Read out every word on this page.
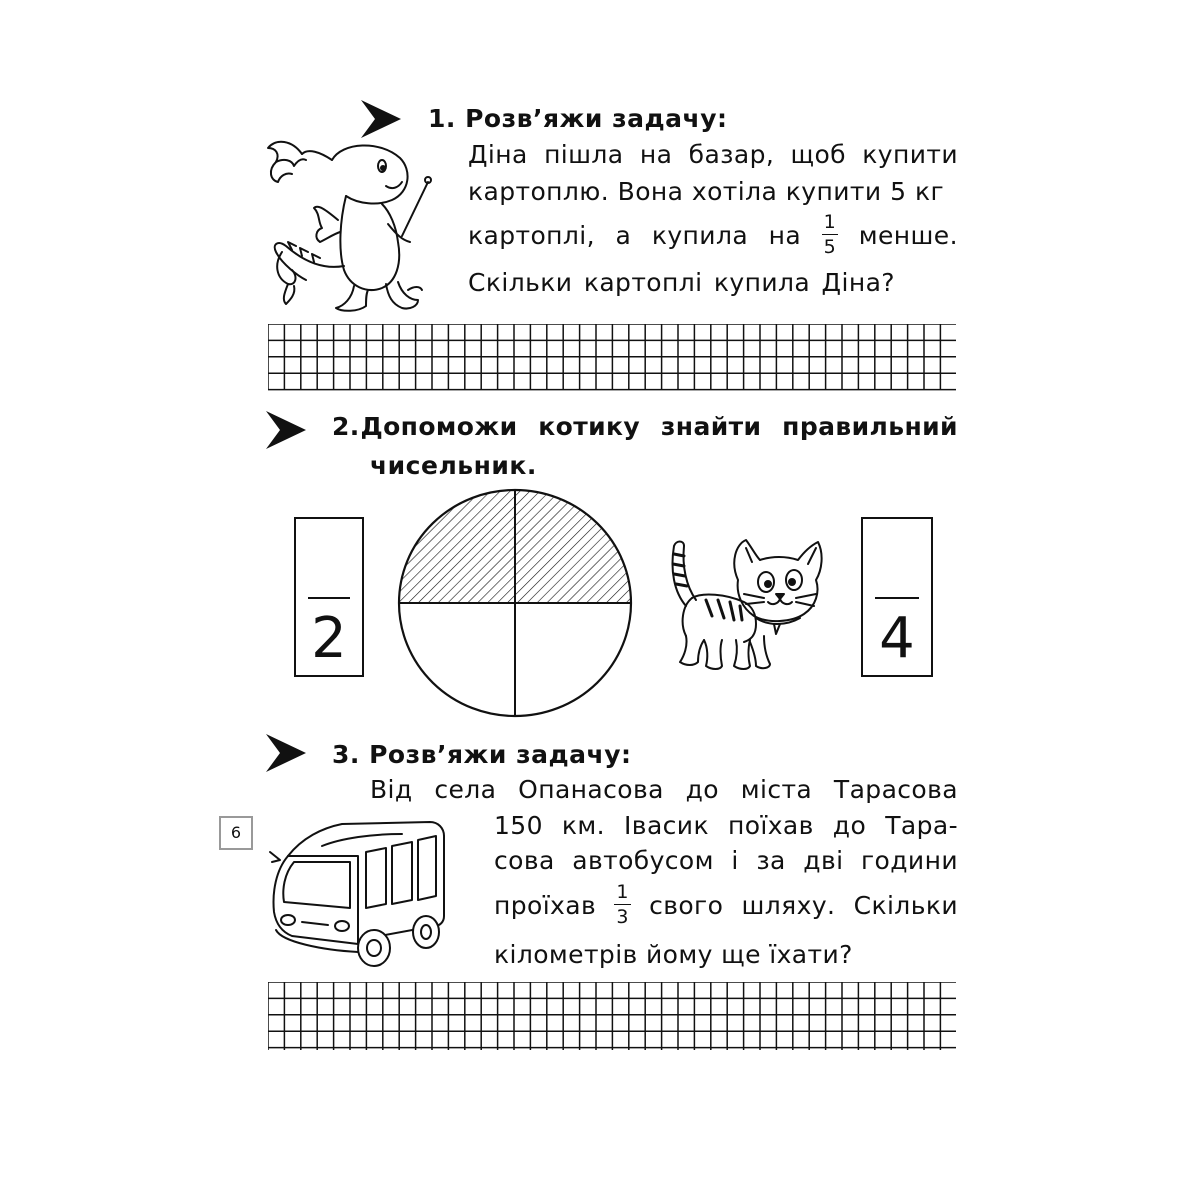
1. Розв’яжи задачу:
Діна пішла на базар, щоб купити
картоплю. Вона хотіла купити 5 кг
картоплі, а купила на $\frac{1}{5}$ менше.
Скільки картоплі купила Діна?
2. Допоможи котику знайти правильний
чисельник.
2	4
3. Розв’яжи задачу:
Від села Опанасова до міста Тарасова
150 км. Івасик поїхав до Тара-
сова автобусом і за дві години
проїхав $\frac{1}{3}$ свого шляху. Скільки
кілометрів йому ще їхати?
6
